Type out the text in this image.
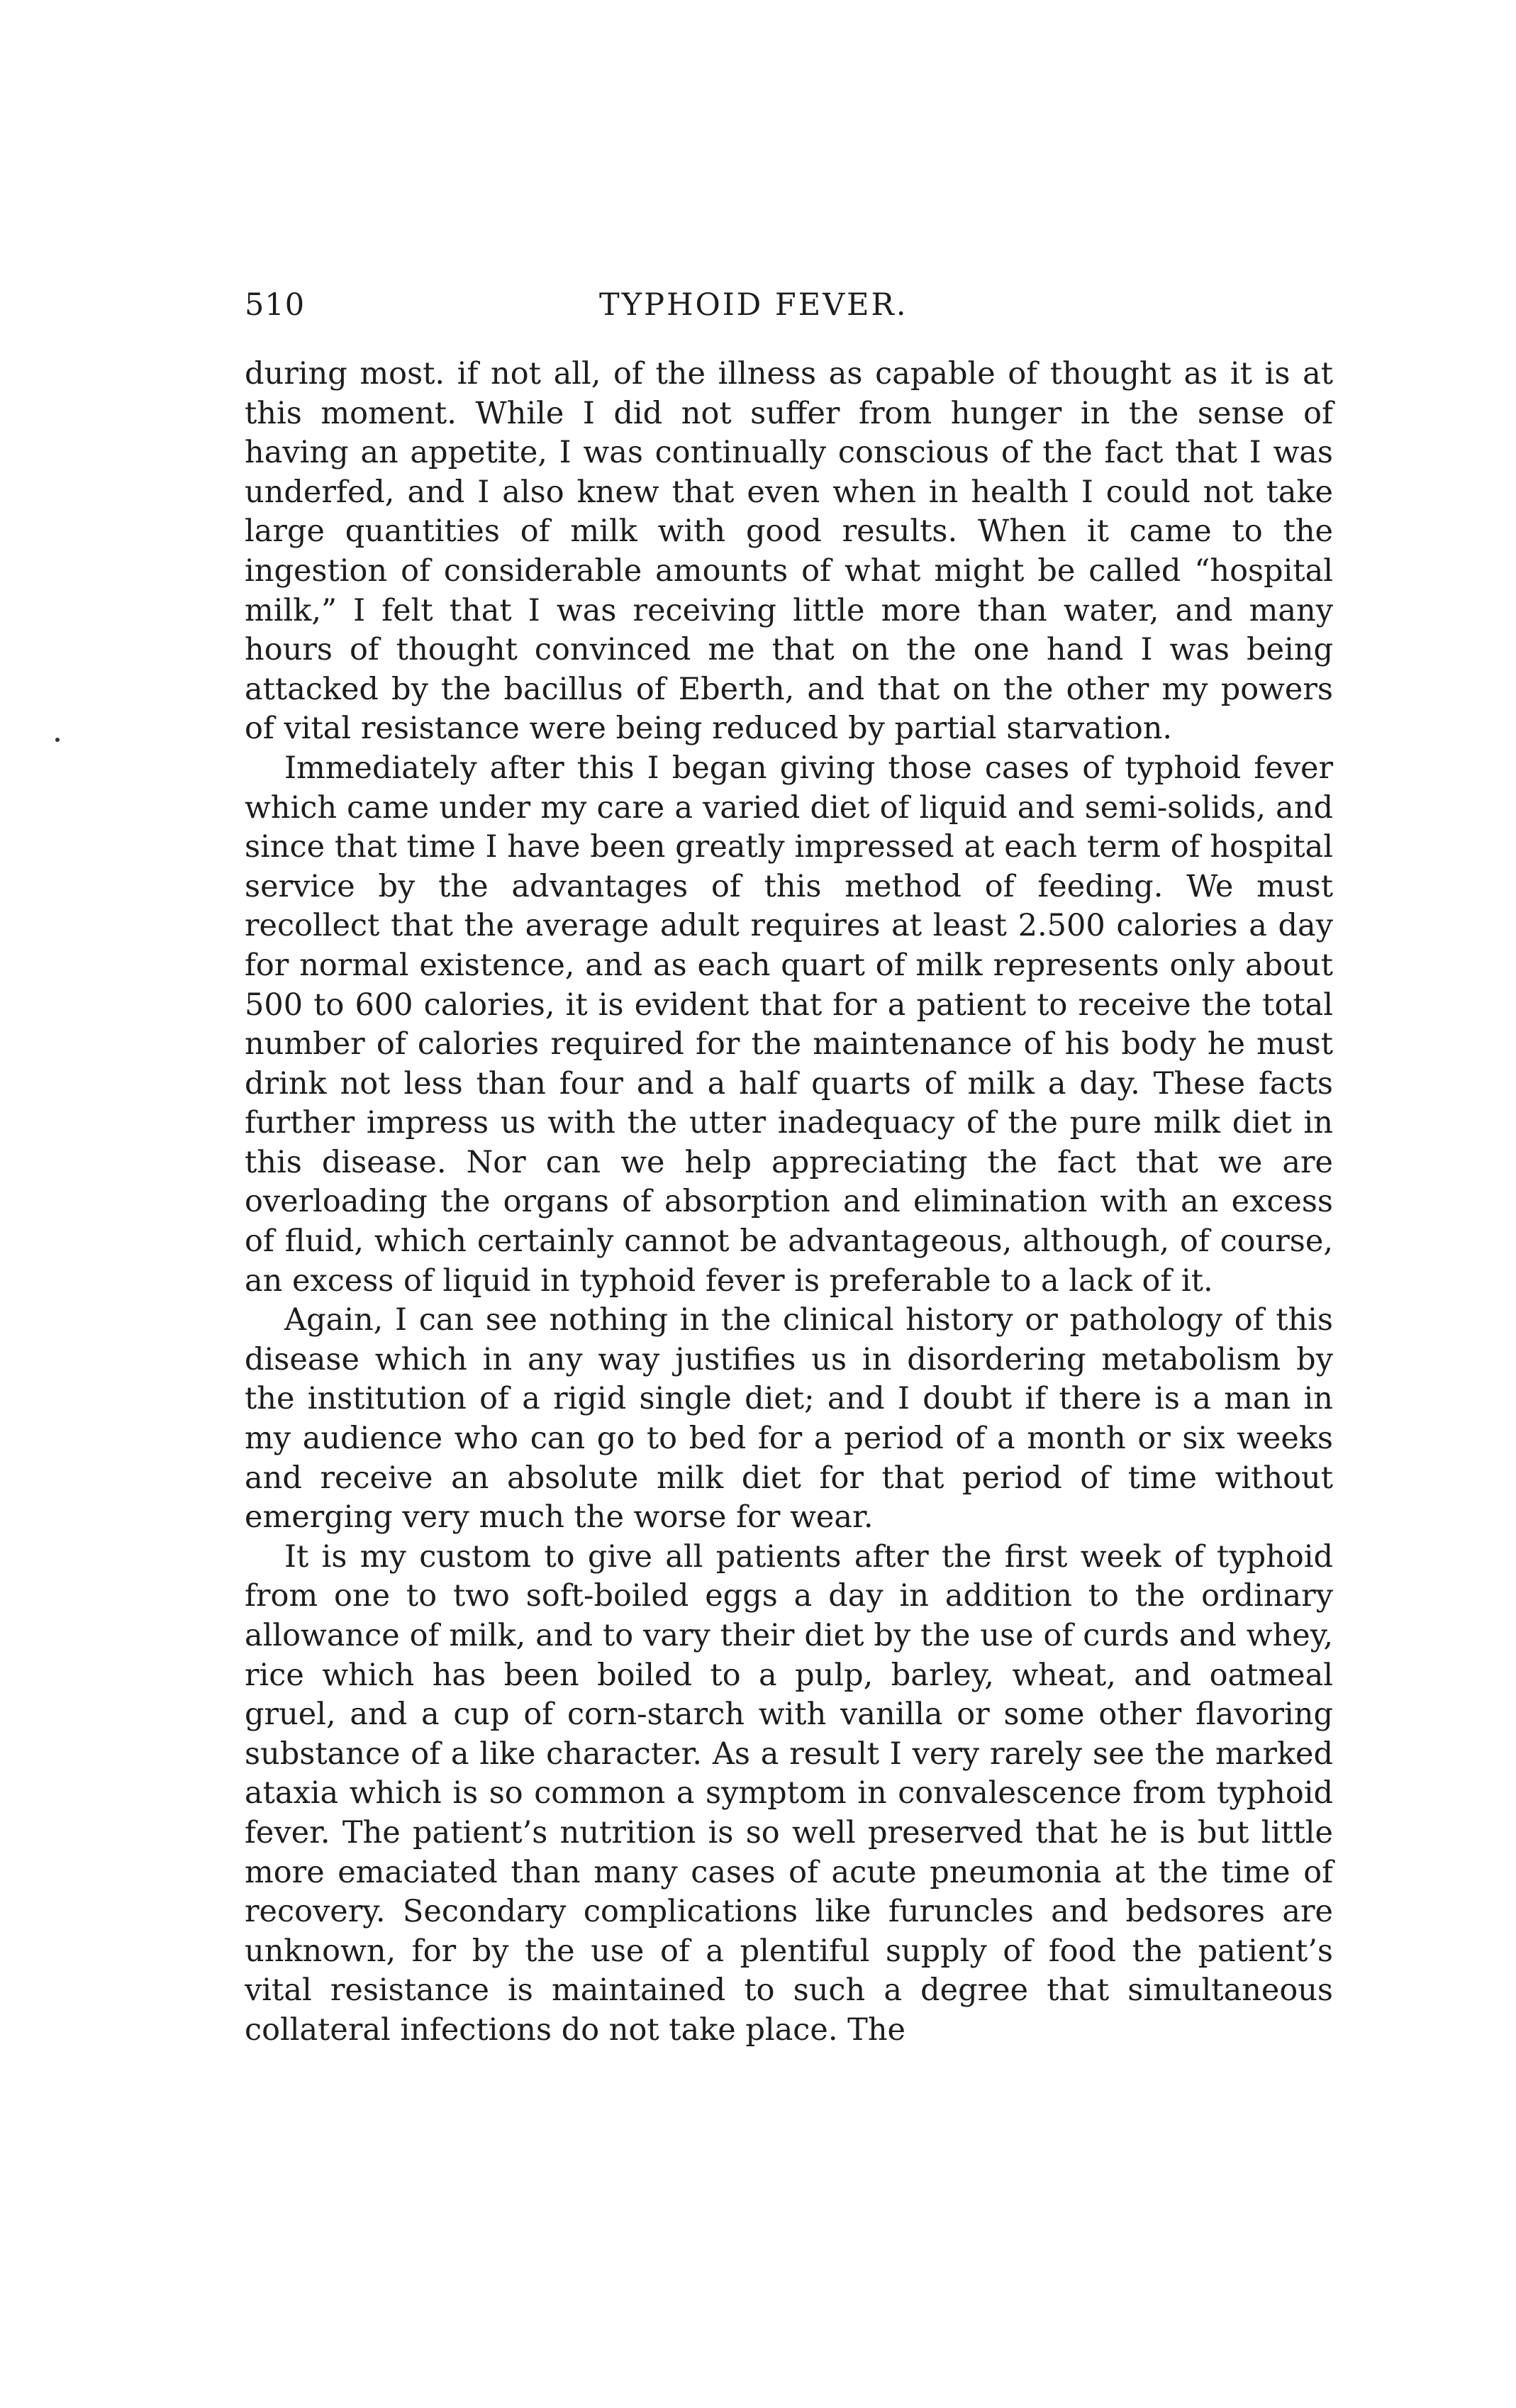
510	TYPHOID FEVER.

during most. if not all, of the illness as capable of thought as it is at this moment. While I did not suffer from hunger in the sense of having an appetite, I was continually conscious of the fact that I was underfed, and I also knew that even when in health I could not take large quantities of milk with good results. When it came to the ingestion of considerable amounts of what might be called “hospital milk,” I felt that I was receiving little more than water, and many hours of thought convinced me that on the one hand I was being attacked by the bacillus of Eberth, and that on the other my powers of vital resistance were being reduced by partial starvation.

Immediately after this I began giving those cases of typhoid fever which came under my care a varied diet of liquid and semi-solids, and since that time I have been greatly impressed at each term of hospital service by the advantages of this method of feeding. We must recollect that the average adult requires at least 2.500 calories a day for normal existence, and as each quart of milk represents only about 500 to 600 calories, it is evident that for a patient to receive the total number of calories required for the maintenance of his body he must drink not less than four and a half quarts of milk a day. These facts further impress us with the utter inadequacy of the pure milk diet in this disease. Nor can we help appreciating the fact that we are overloading the organs of absorption and elimination with an excess of fluid, which certainly cannot be advantageous, although, of course, an excess of liquid in typhoid fever is preferable to a lack of it.

Again, I can see nothing in the clinical history or pathology of this disease which in any way justifies us in disordering metabolism by the institution of a rigid single diet; and I doubt if there is a man in my audience who can go to bed for a period of a month or six weeks and receive an absolute milk diet for that period of time without emerging very much the worse for wear.

It is my custom to give all patients after the first week of typhoid from one to two soft-boiled eggs a day in addition to the ordinary allowance of milk, and to vary their diet by the use of curds and whey, rice which has been boiled to a pulp, barley, wheat, and oatmeal gruel, and a cup of corn-starch with vanilla or some other flavoring substance of a like character. As a result I very rarely see the marked ataxia which is so common a symptom in convalescence from typhoid fever. The patient’s nutrition is so well preserved that he is but little more emaciated than many cases of acute pneumonia at the time of recovery. Secondary complications like furuncles and bedsores are unknown, for by the use of a plentiful supply of food the patient’s vital resistance is maintained to such a degree that simultaneous collateral infections do not take place. The
